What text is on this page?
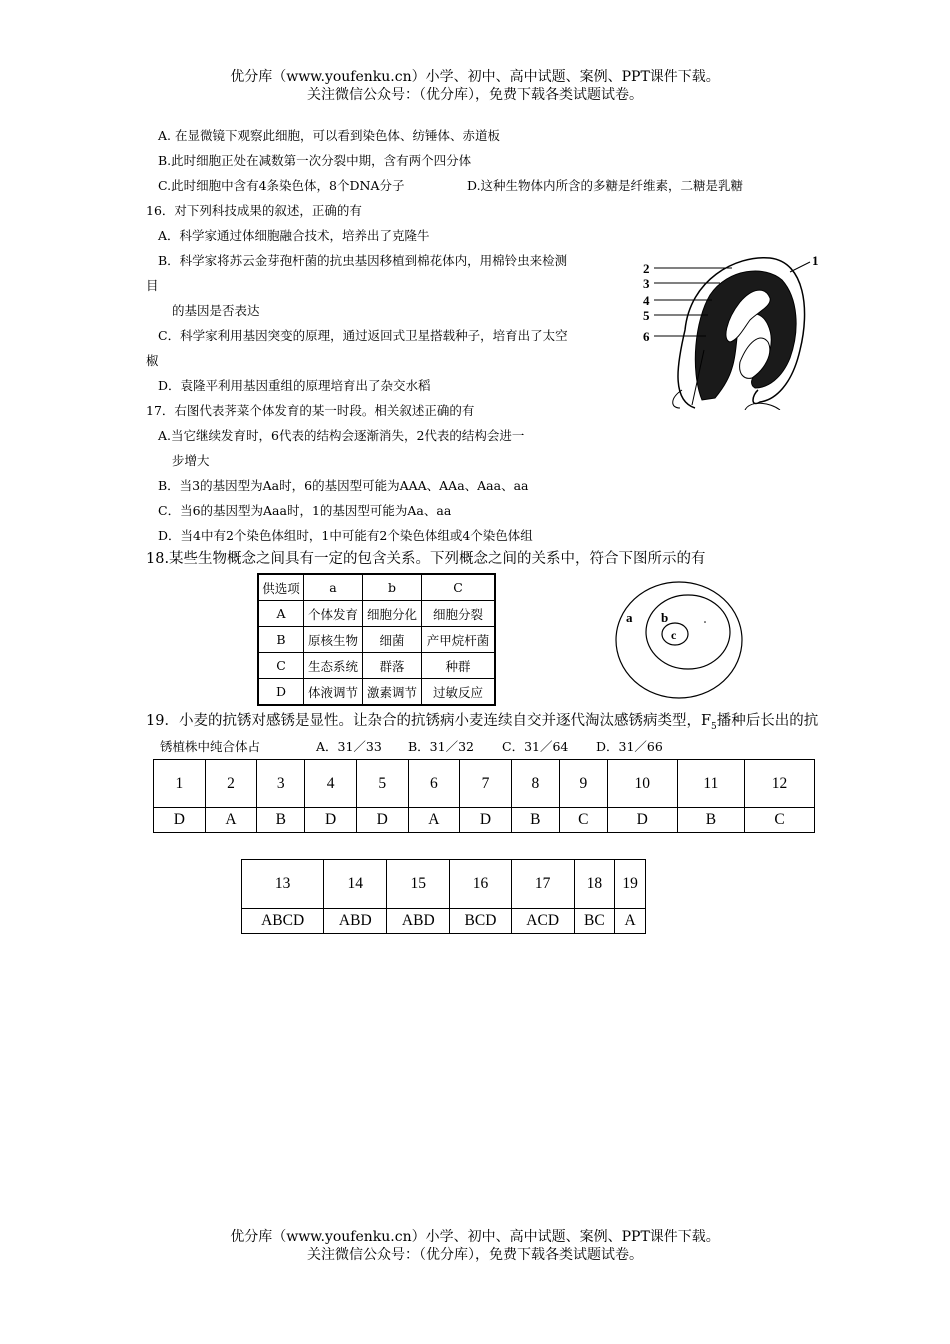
优分库（www.youfenku.cn）小学、初中、高中试题、案例、PPT课件下载。
关注微信公众号：（优分库），免费下载各类试题试卷。
A. 在显微镜下观察此细胞，可以看到染色体、纺锤体、赤道板
B.此时细胞正处在减数第一次分裂中期，含有两个四分体
C.此时细胞中含有4条染色体，8个DNA分子	D.这种生物体内所含的多糖是纤维素，二糖是乳糖
16．对下列科技成果的叙述，正确的有
A．科学家通过体细胞融合技术，培养出了克隆牛
B．科学家将苏云金芽孢杆菌的抗虫基因移植到棉花体内，用棉铃虫来检测
目
的基因是否表达
C．科学家利用基因突变的原理，通过返回式卫星搭载种子，培育出了太空
椒
D．袁隆平利用基因重组的原理培育出了杂交水稻
17．右图代表荠菜个体发育的某一时段。相关叙述正确的有
A.当它继续发育时，6代表的结构会逐渐消失，2代表的结构会进一
步增大
B．当3的基因型为Aa时，6的基因型可能为AAA、AAa、Aaa、aa
C．当6的基因型为Aaa时，1的基因型可能为Aa、aa
D．当4中有2个染色体组时，1中可能有2个染色体组或4个染色体组
2
3
4
5
6
1
18.某些生物概念之间具有一定的包含关系。下列概念之间的关系中，符合下图所示的有
供选项	a	b	C
A	个体发育	细胞分化	细胞分裂
B	原核生物	细菌	产甲烷杆菌
C	生态系统	群落	种群
D	体液调节	激素调节	过敏反应
a b
c
19．小麦的抗锈对感锈是显性。让杂合的抗锈病小麦连续自交并逐代淘汰感锈病类型，$F_5$播种后长出的抗
锈植株中纯合体占	A．31／33 B．31／32 C．31／64 D．31／66
1	2	3	4	5	6	7	8	9	10	11	12
D	A	B	D	D	A	D	B	C	D	B	C
13	14	15	16	17	18	19
ABCD	ABD	ABD	BCD	ACD	BC	A
优分库（www.youfenku.cn）小学、初中、高中试题、案例、PPT课件下载。
关注微信公众号：（优分库），免费下载各类试题试卷。
